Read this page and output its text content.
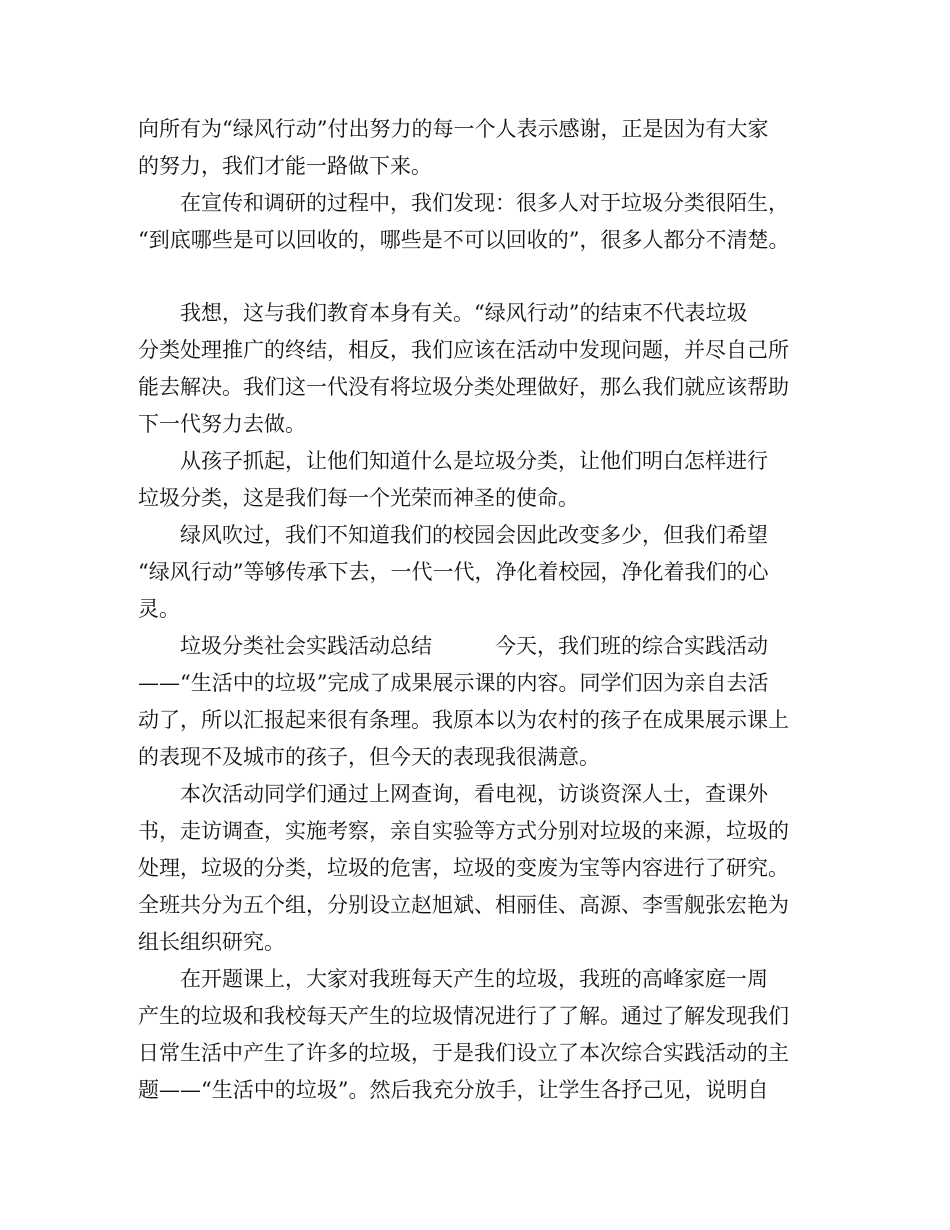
向所有为“绿风行动”付出努力的每一个人表示感谢，正是因为有大家
的努力，我们才能一路做下来。
　　在宣传和调研的过程中，我们发现：很多人对于垃圾分类很陌生，
“到底哪些是可以回收的，哪些是不可以回收的”，很多人都分不清楚。
　　我想，这与我们教育本身有关。“绿风行动”的结束不代表垃圾
分类处理推广的终结，相反，我们应该在活动中发现问题，并尽自己所
能去解决。我们这一代没有将垃圾分类处理做好，那么我们就应该帮助
下一代努力去做。
　　从孩子抓起，让他们知道什么是垃圾分类，让他们明白怎样进行
垃圾分类，这是我们每一个光荣而神圣的使命。
　　绿风吹过，我们不知道我们的校园会因此改变多少，但我们希望
“绿风行动”等够传承下去，一代一代，净化着校园，净化着我们的心
灵。
　　垃圾分类社会实践活动总结　　　今天，我们班的综合实践活动
——“生活中的垃圾”完成了成果展示课的内容。同学们因为亲自去活
动了，所以汇报起来很有条理。我原本以为农村的孩子在成果展示课上
的表现不及城市的孩子，但今天的表现我很满意。
　　本次活动同学们通过上网查询，看电视，访谈资深人士，查课外
书，走访调查，实施考察，亲自实验等方式分别对垃圾的来源，垃圾的
处理，垃圾的分类，垃圾的危害，垃圾的变废为宝等内容进行了研究。
全班共分为五个组，分别设立赵旭斌、相丽佳、高源、李雪舰张宏艳为
组长组织研究。
　　在开题课上，大家对我班每天产生的垃圾，我班的高峰家庭一周
产生的垃圾和我校每天产生的垃圾情况进行了了解。通过了解发现我们
日常生活中产生了许多的垃圾，于是我们设立了本次综合实践活动的主
题——“生活中的垃圾”。然后我充分放手，让学生各抒己见，说明自
